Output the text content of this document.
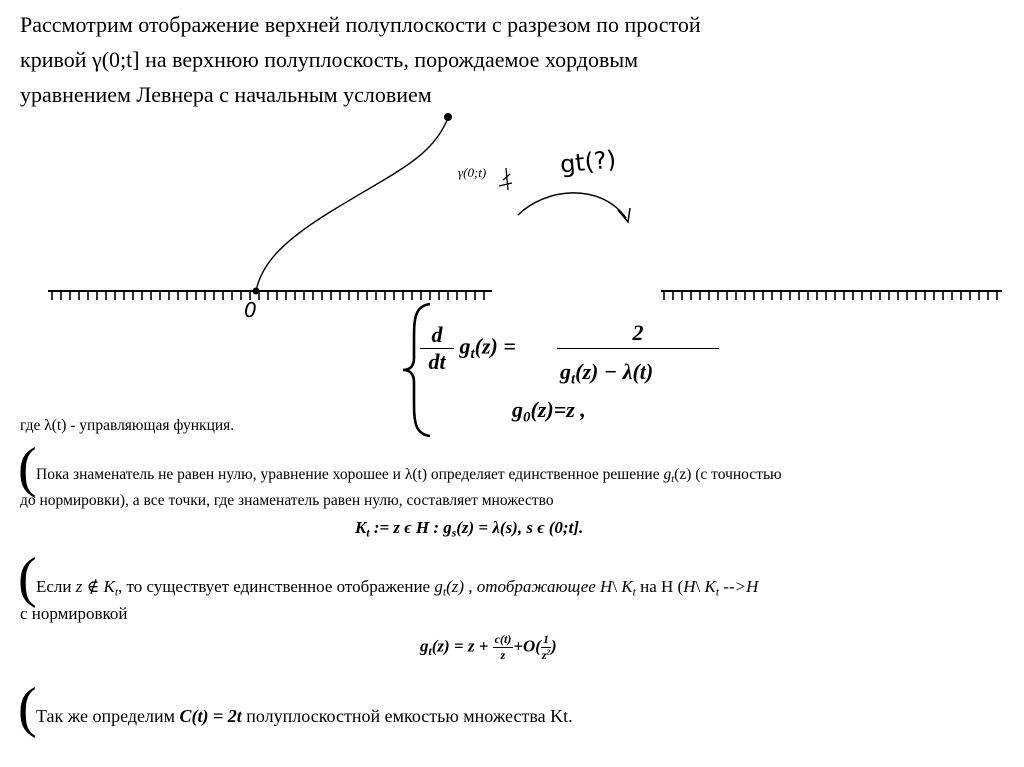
Рассмотрим отображение верхней полуплоскости с разрезом по простой
кривой γ(0;t] на верхнюю полуплоскость, порождаемое хордовым
уравнением Левнера с начальным условием
γ(0;t)
0
gt(?)
$\frac{d}{dt} g_t(z)$ =
2
$g_t(z) - \lambda(t)$
$g_0(z)=z$ ,
где λ(t) - управляющая функция.
( Пока знаменатель не равен нулю, уравнение хорошее и λ(t) определяет единственное решение $g_t(z)$ (с точностью
до нормировки), а все точки, где знаменатель равен нулю, составляет множество
$K_t$ := z ϵ H : $g_s(z) = \lambda(s)$, s ϵ (0;t].
( Если z ∉ $K_t$, то существует единственное отображение $g_t(z)$ , отображающее H\ $K_t$ на H (H\ $K_t$ -->H
с нормировкой
$g_t(z) = z + \frac{c(t)}{z} +O( \frac{1}{z^2}$ )
( Так же определим C(t) = 2t полуплоскостной емкостью множества Kt.
